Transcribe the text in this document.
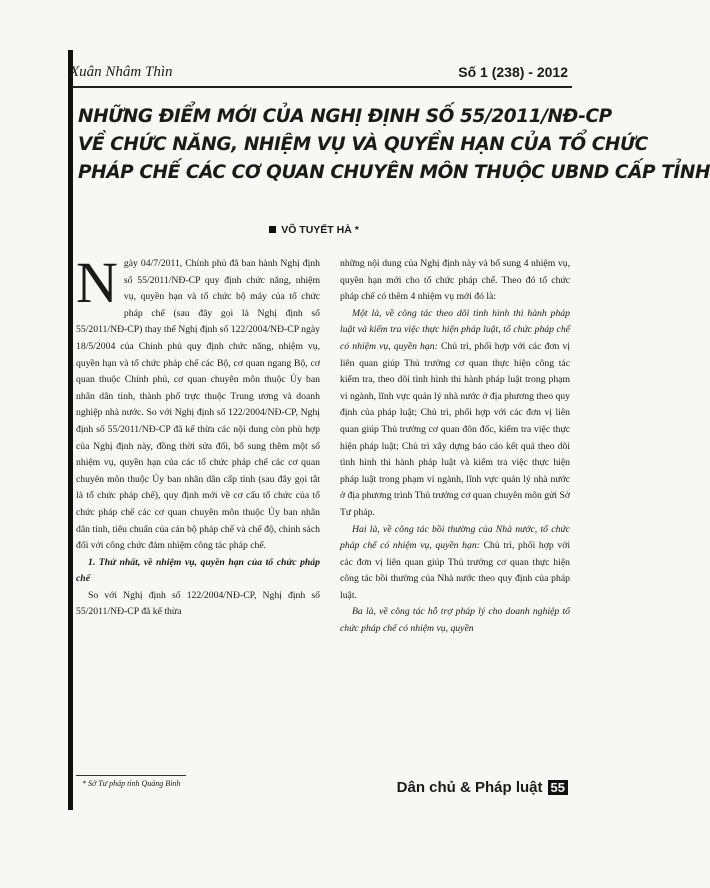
Xuân Nhâm Thìn	Số 1 (238) - 2012
NHỮNG ĐIỂM MỚI CỦA NGHỊ ĐỊNH SỐ 55/2011/NĐ-CP
VỀ CHỨC NĂNG, NHIỆM VỤ VÀ QUYỀN HẠN CỦA TỔ CHỨC
PHÁP CHẾ CÁC CƠ QUAN CHUYÊN MÔN THUỘC UBND CẤP TỈNH
VÕ TUYẾT HÀ *

Ngày 04/7/2011, Chính phủ đã ban hành Nghị định số 55/2011/NĐ-CP quy định chức năng, nhiệm vụ, quyền hạn và tổ chức bộ máy của tổ chức pháp chế (sau đây gọi là Nghị định số 55/2011/NĐ-CP) thay thế Nghị định số 122/2004/NĐ-CP ngày 18/5/2004 của Chính phủ quy định chức năng, nhiệm vụ, quyền hạn và tổ chức pháp chế các Bộ, cơ quan ngang Bộ, cơ quan thuộc Chính phủ, cơ quan chuyên môn thuộc Ủy ban nhân dân tỉnh, thành phố trực thuộc Trung ương và doanh nghiệp nhà nước. So với Nghị định số 122/2004/NĐ-CP, Nghị định số 55/2011/NĐ-CP đã kế thừa các nội dung còn phù hợp của Nghị định này, đồng thời sửa đổi, bổ sung thêm một số nhiệm vụ, quyền hạn của các tổ chức pháp chế các cơ quan chuyên môn thuộc Ủy ban nhân dân cấp tỉnh (sau đây gọi tắt là tổ chức pháp chế), quy định mới về cơ cấu tổ chức của tổ chức pháp chế các cơ quan chuyên môn thuộc Ủy ban nhân dân tỉnh, tiêu chuẩn của cán bộ pháp chế và chế độ, chính sách đối với công chức đảm nhiệm công tác pháp chế.

1. Thứ nhất, về nhiệm vụ, quyền hạn của tổ chức pháp chế

So với Nghị định số 122/2004/NĐ-CP, Nghị định số 55/2011/NĐ-CP đã kế thừa

những nội dung của Nghị định này và bổ sung 4 nhiệm vụ, quyền hạn mới cho tổ chức pháp chế. Theo đó tổ chức pháp chế có thêm 4 nhiệm vụ mới đó là:

Một là, về công tác theo dõi tình hình thi hành pháp luật và kiểm tra việc thực hiện pháp luật, tổ chức pháp chế có nhiệm vụ, quyền hạn: Chủ trì, phối hợp với các đơn vị liên quan giúp Thủ trưởng cơ quan thực hiện công tác kiểm tra, theo dõi tình hình thi hành pháp luật trong phạm vi ngành, lĩnh vực quản lý nhà nước ở địa phương theo quy định của pháp luật; Chủ trì, phối hợp với các đơn vị liên quan giúp Thủ trưởng cơ quan đôn đốc, kiểm tra việc thực hiện pháp luật; Chủ trì xây dựng báo cáo kết quả theo dõi tình hình thi hành pháp luật và kiểm tra việc thực hiện pháp luật trong phạm vi ngành, lĩnh vực quản lý nhà nước ở địa phương trình Thủ trưởng cơ quan chuyên môn gửi Sở Tư pháp.

Hai là, về công tác bồi thường của Nhà nước, tổ chức pháp chế có nhiệm vụ, quyền hạn: Chủ trì, phối hợp với các đơn vị liên quan giúp Thủ trưởng cơ quan thực hiện công tác bồi thường của Nhà nước theo quy định của pháp luật.

Ba là, về công tác hỗ trợ pháp lý cho doanh nghiệp tổ chức pháp chế có nhiệm vụ, quyền

* Sở Tư pháp tỉnh Quảng Bình	Dân chủ & Pháp luật 55
